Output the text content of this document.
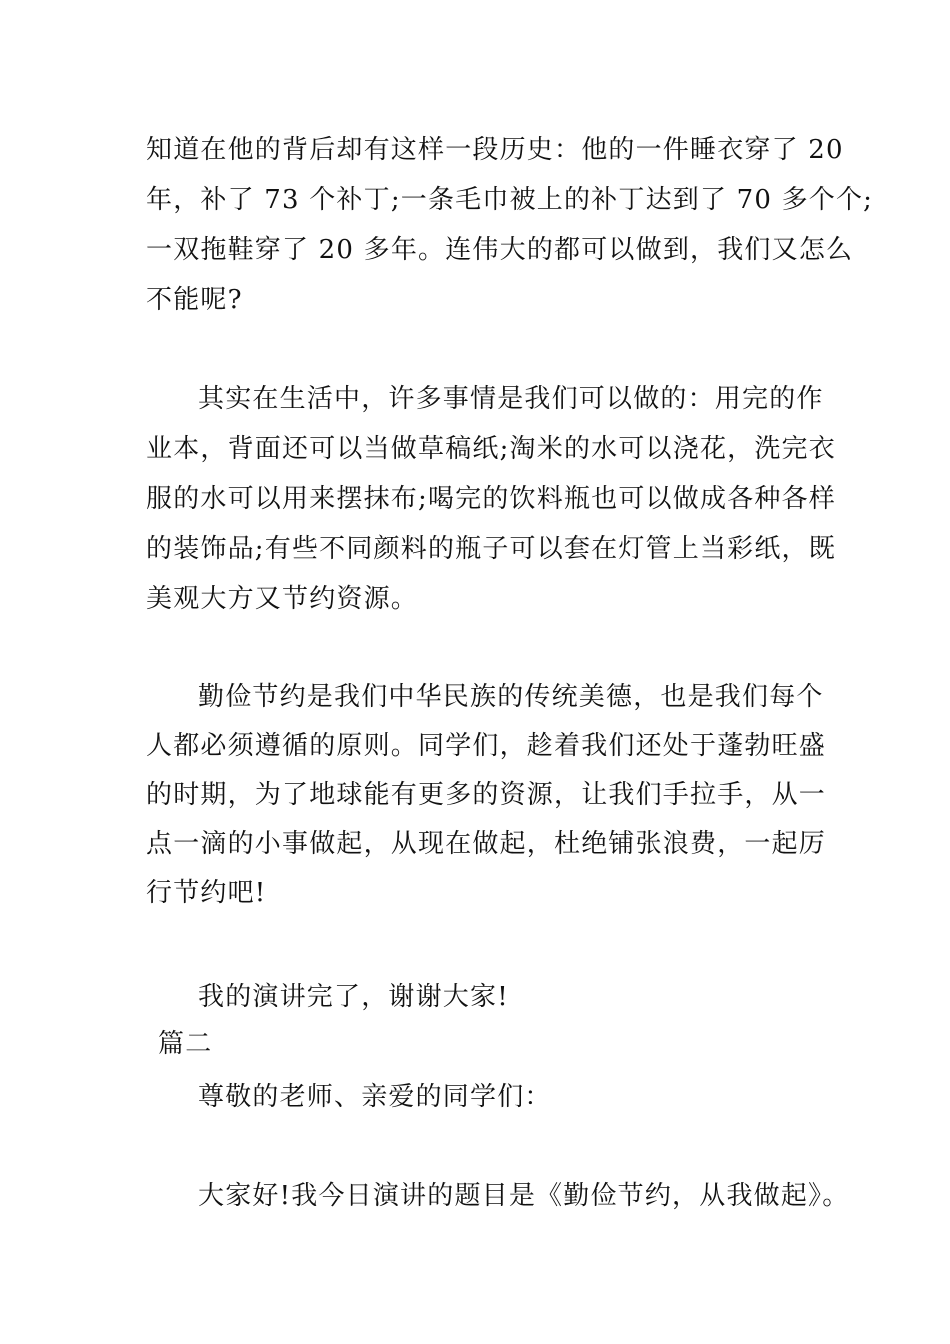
知道在他的背后却有这样一段历史：他的一件睡衣穿了 20
年，补了 73 个补丁;一条毛巾被上的补丁达到了 70 多个个;
一双拖鞋穿了 20 多年。连伟大的都可以做到，我们又怎么
不能呢?
其实在生活中，许多事情是我们可以做的：用完的作
业本，背面还可以当做草稿纸;淘米的水可以浇花，洗完衣
服的水可以用来摆抹布;喝完的饮料瓶也可以做成各种各样
的装饰品;有些不同颜料的瓶子可以套在灯管上当彩纸，既
美观大方又节约资源。
勤俭节约是我们中华民族的传统美德，也是我们每个
人都必须遵循的原则。同学们，趁着我们还处于蓬勃旺盛
的时期，为了地球能有更多的资源，让我们手拉手，从一
点一滴的小事做起，从现在做起，杜绝铺张浪费，一起厉
行节约吧!
我的演讲完了，谢谢大家!
篇二
尊敬的老师、亲爱的同学们：
大家好!我今日演讲的题目是《勤俭节约，从我做起》。
